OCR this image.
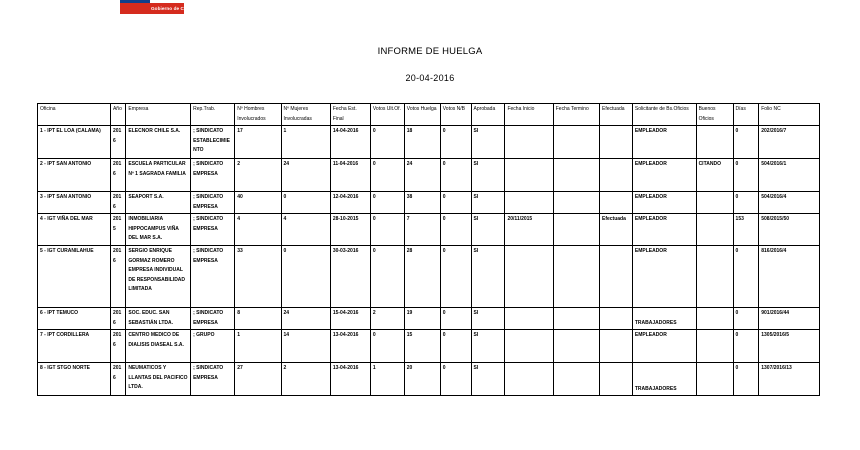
Gobierno de Chile
INFORME DE HUELGA
20-04-2016
Oficina	Año	Empresa	Rep.Trab.	Nº Hombres Involucrados	Nº Mujeres Involucradas	Fecha Est. Final	Votos Ult.Of.	Votos Huelga	Votos N/B	Aprobada	Fecha Inicio	Fecha Termino	Efectuada	Solicitante de Bs.Oficios	Buenos Oficios	Días	Folio NC
1 - IPT EL LOA (CALAMA)	2016	ELECNOR CHILE S.A.	; SINDICATO ESTABLECIMIENTO	17	1	14-04-2016	0	18	0	SI				EMPLEADOR		0	202/2016/7
2 - IPT SAN ANTONIO	2016	ESCUELA PARTICULAR Nº 1 SAGRADA FAMILIA	; SINDICATO EMPRESA	2	24	11-04-2016	0	24	0	SI				EMPLEADOR	CITANDO	0	504/2016/1
3 - IPT SAN ANTONIO	2016	SEAPORT S.A.	; SINDICATO EMPRESA	40	0	12-04-2016	0	38	0	SI				EMPLEADOR		0	504/2016/4
4 - IGT VIÑA DEL MAR	2015	INMOBILIARIA HIPPOCAMPUS VIÑA DEL MAR S.A.	; SINDICATO EMPRESA	4	4	28-10-2015	0	7	0	SI	20/11/2015		Efectuada	EMPLEADOR		153	508/2015/50
5 - IGT CURANILAHUE	2016	SERGIO ENRIQUE GORMAZ ROMERO EMPRESA INDIVIDUAL DE RESPONSABILIDAD LIMITADA	; SINDICATO EMPRESA	33	0	30-03-2016	0	28	0	SI				EMPLEADOR		0	816/2016/4
6 - IPT TEMUCO	2016	SOC. EDUC. SAN SEBASTIÁN LTDA.	; SINDICATO EMPRESA	8	24	15-04-2016	2	19	0	SI				TRABAJADORES		0	901/2016/44
7 - IPT CORDILLERA	2016	CENTRO MEDICO DE DIALISIS DIASEAL S.A.	; GRUPO	1	14	13-04-2016	0	15	0	SI				EMPLEADOR		0	1305/2016/5
8 - IGT STGO NORTE	2016	NEUMATICOS Y LLANTAS DEL PACIFICO LTDA.	; SINDICATO EMPRESA	27	2	13-04-2016	1	20	0	SI				TRABAJADORES		0	1307/2016/13
